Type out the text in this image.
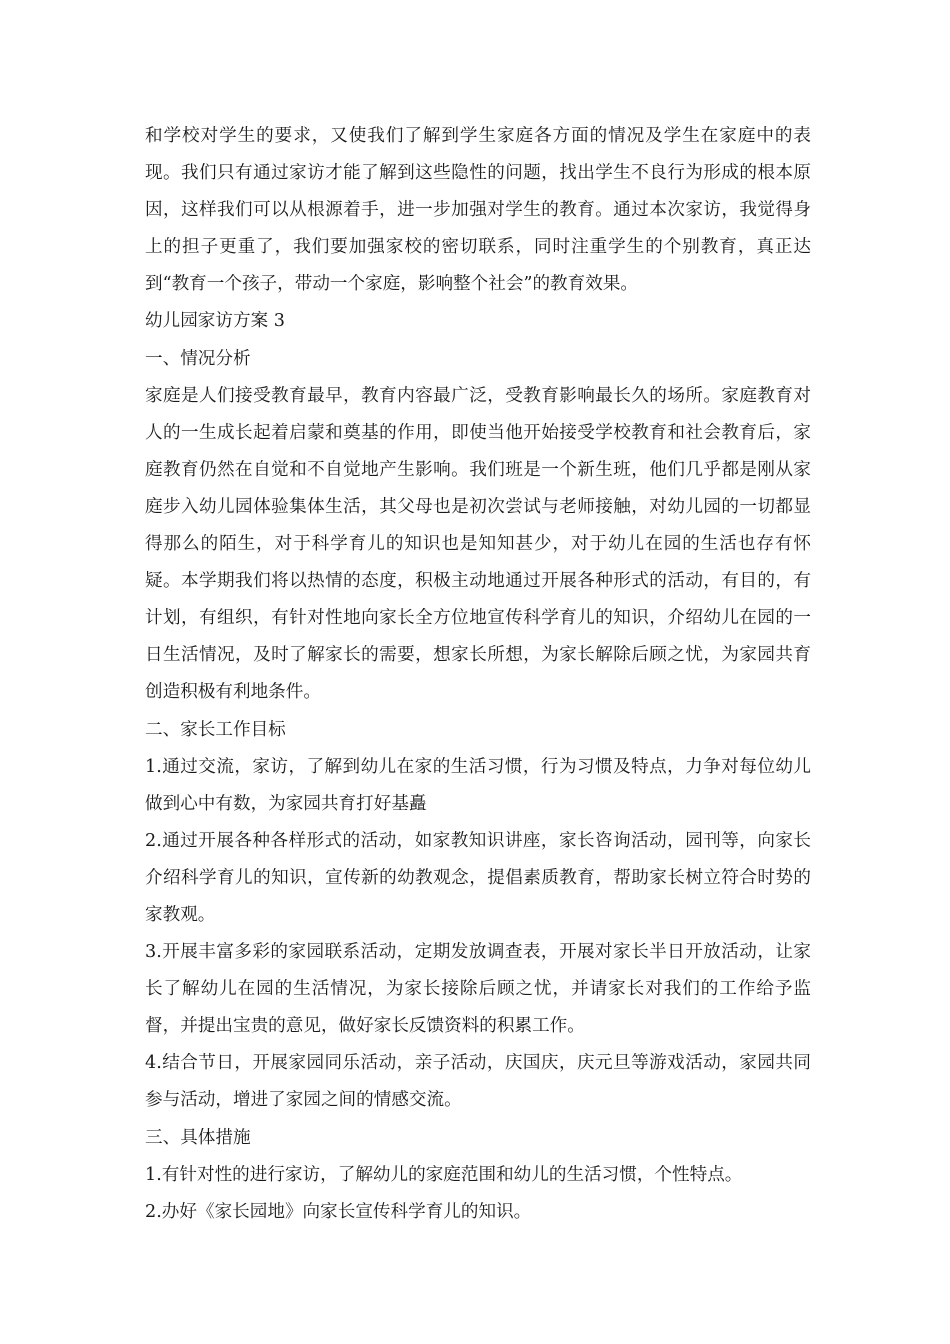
和学校对学生的要求，又使我们了解到学生家庭各方面的情况及学生在家庭中的表现。我们只有通过家访才能了解到这些隐性的问题，找出学生不良行为形成的根本原因，这样我们可以从根源着手，进一步加强对学生的教育。通过本次家访，我觉得身上的担子更重了，我们要加强家校的密切联系，同时注重学生的个别教育，真正达到“教育一个孩子，带动一个家庭，影响整个社会”的教育效果。

幼儿园家访方案 3

一、情况分析

家庭是人们接受教育最早，教育内容最广泛，受教育影响最长久的场所。家庭教育对人的一生成长起着启蒙和奠基的作用，即使当他开始接受学校教育和社会教育后，家庭教育仍然在自觉和不自觉地产生影响。我们班是一个新生班，他们几乎都是刚从家庭步入幼儿园体验集体生活，其父母也是初次尝试与老师接触，对幼儿园的一切都显得那么的陌生，对于科学育儿的知识也是知知甚少，对于幼儿在园的生活也存有怀疑。本学期我们将以热情的态度，积极主动地通过开展各种形式的活动，有目的，有计划，有组织，有针对性地向家长全方位地宣传科学育儿的知识，介绍幼儿在园的一日生活情况，及时了解家长的需要，想家长所想，为家长解除后顾之忧，为家园共育创造积极有利地条件。

二、家长工作目标

1.通过交流，家访，了解到幼儿在家的生活习惯，行为习惯及特点，力争对每位幼儿做到心中有数，为家园共育打好基矗

2.通过开展各种各样形式的活动，如家教知识讲座，家长咨询活动，园刊等，向家长介绍科学育儿的知识，宣传新的幼教观念，提倡素质教育，帮助家长树立符合时势的家教观。

3.开展丰富多彩的家园联系活动，定期发放调查表，开展对家长半日开放活动，让家长了解幼儿在园的生活情况，为家长接除后顾之忧，并请家长对我们的工作给予监督，并提出宝贵的意见，做好家长反馈资料的积累工作。

4.结合节日，开展家园同乐活动，亲子活动，庆国庆，庆元旦等游戏活动，家园共同参与活动，增进了家园之间的情感交流。

三、具体措施

1.有针对性的进行家访，了解幼儿的家庭范围和幼儿的生活习惯，个性特点。

2.办好《家长园地》向家长宣传科学育儿的知识。
